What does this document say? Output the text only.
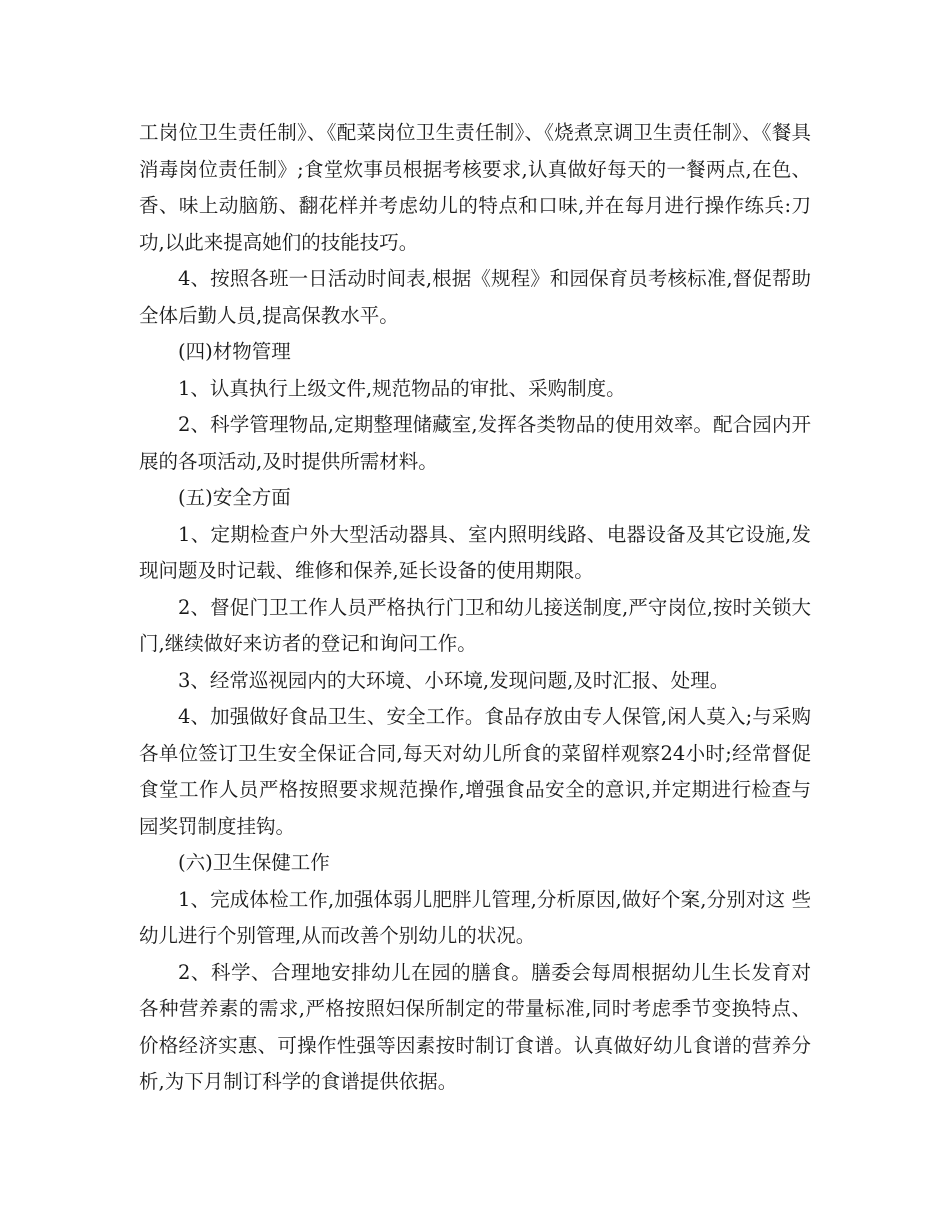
工岗位卫生责任制》、《配菜岗位卫生责任制》、《烧煮烹调卫生责任制》、《餐具消毒岗位责任制》;食堂炊事员根据考核要求,认真做好每天的一餐两点,在色、香、味上动脑筋、翻花样并考虑幼儿的特点和口味,并在每月进行操作练兵:刀功,以此来提高她们的技能技巧。

4、按照各班一日活动时间表,根据《规程》和园保育员考核标准,督促帮助全体后勤人员,提高保教水平。

(四)材物管理

1、认真执行上级文件,规范物品的审批、采购制度。

2、科学管理物品,定期整理储藏室,发挥各类物品的使用效率。配合园内开展的各项活动,及时提供所需材料。

(五)安全方面

1、定期检查户外大型活动器具、室内照明线路、电器设备及其它设施,发现问题及时记载、维修和保养,延长设备的使用期限。

2、督促门卫工作人员严格执行门卫和幼儿接送制度,严守岗位,按时关锁大门,继续做好来访者的登记和询问工作。

3、经常巡视园内的大环境、小环境,发现问题,及时汇报、处理。

4、加强做好食品卫生、安全工作。食品存放由专人保管,闲人莫入;与采购各单位签订卫生安全保证合同,每天对幼儿所食的菜留样观察24小时;经常督促食堂工作人员严格按照要求规范操作,增强食品安全的意识,并定期进行检查与园奖罚制度挂钩。

(六)卫生保健工作

1、完成体检工作,加强体弱儿肥胖儿管理,分析原因,做好个案,分别对这 些幼儿进行个别管理,从而改善个别幼儿的状况。

2、科学、合理地安排幼儿在园的膳食。膳委会每周根据幼儿生长发育对各种营养素的需求,严格按照妇保所制定的带量标准,同时考虑季节变换特点、价格经济实惠、可操作性强等因素按时制订食谱。认真做好幼儿食谱的营养分析,为下月制订科学的食谱提供依据。
